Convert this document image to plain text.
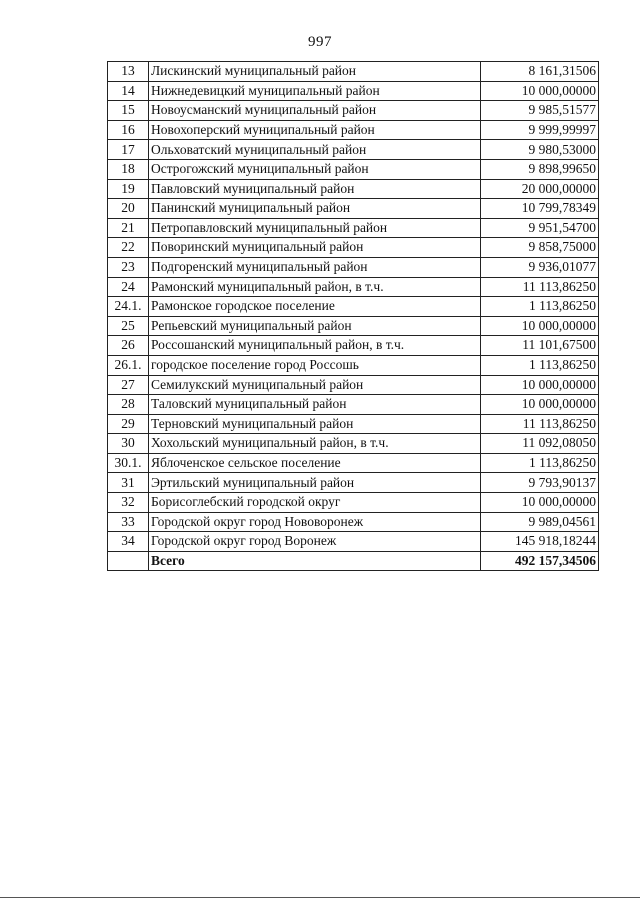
997
13	Лискинский муниципальный район	8 161,31506
14	Нижнедевицкий муниципальный район	10 000,00000
15	Новоусманский муниципальный район	9 985,51577
16	Новохоперский муниципальный район	9 999,99997
17	Ольховатский муниципальный район	9 980,53000
18	Острогожский муниципальный район	9 898,99650
19	Павловский муниципальный район	20 000,00000
20	Панинский муниципальный район	10 799,78349
21	Петропавловский муниципальный район	9 951,54700
22	Поворинский муниципальный район	9 858,75000
23	Подгоренский муниципальный район	9 936,01077
24	Рамонский муниципальный район, в т.ч.	11 113,86250
24.1.	Рамонское городское поселение	1 113,86250
25	Репьевский муниципальный район	10 000,00000
26	Россошанский муниципальный район, в т.ч.	11 101,67500
26.1.	городское поселение город Россошь	1 113,86250
27	Семилукский муниципальный район	10 000,00000
28	Таловский муниципальный район	10 000,00000
29	Терновский муниципальный район	11 113,86250
30	Хохольский муниципальный район, в т.ч.	11 092,08050
30.1.	Яблоченское сельское поселение	1 113,86250
31	Эртильский муниципальный район	9 793,90137
32	Борисоглебский городской округ	10 000,00000
33	Городской округ город Нововоронеж	9 989,04561
34	Городской округ город Воронеж	145 918,18244
	Всего	492 157,34506
